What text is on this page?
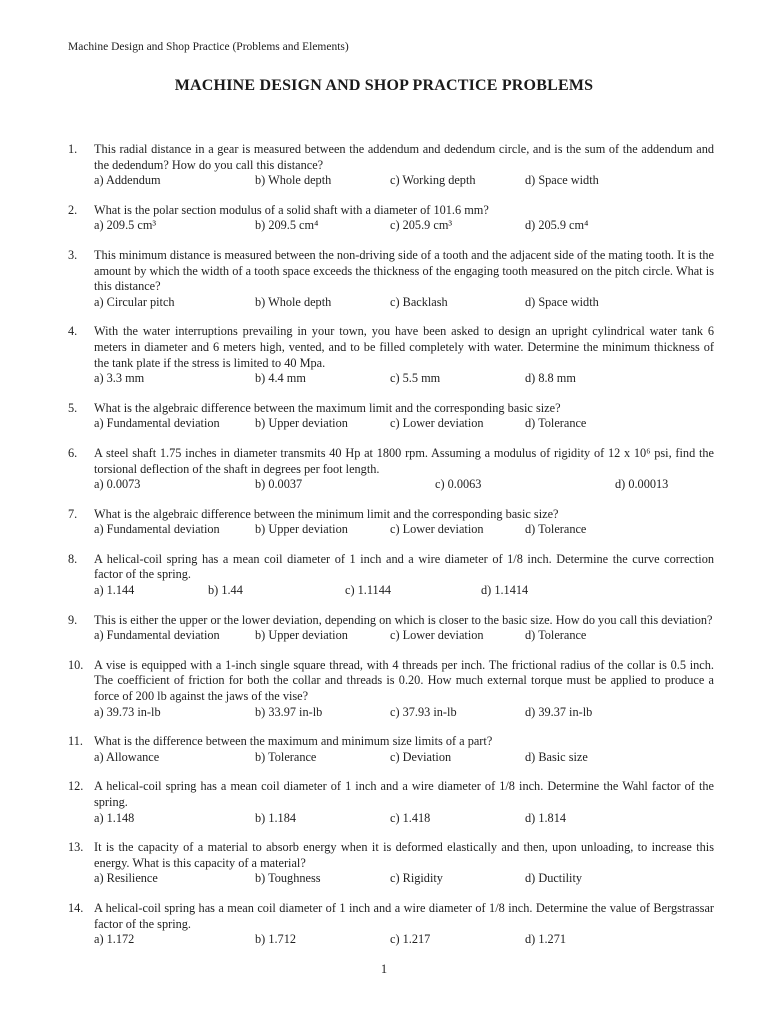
Machine Design and Shop Practice (Problems and Elements)
MACHINE DESIGN AND SHOP PRACTICE PROBLEMS
1.	This radial distance in a gear is measured between the addendum and dedendum circle, and is the sum of the addendum and the dedendum? How do you call this distance?
a) Addendum	b) Whole depth	c) Working depth	d) Space width
2.	What is the polar section modulus of a solid shaft with a diameter of 101.6 mm?
a) 209.5 cm³	b) 209.5 cm⁴	c) 205.9 cm³	d) 205.9 cm⁴
3.	This minimum distance is measured between the non-driving side of a tooth and the adjacent side of the mating tooth. It is the amount by which the width of a tooth space exceeds the thickness of the engaging tooth measured on the pitch circle. What is this distance?
a) Circular pitch	b) Whole depth	c) Backlash	d) Space width
4.	With the water interruptions prevailing in your town, you have been asked to design an upright cylindrical water tank 6 meters in diameter and 6 meters high, vented, and to be filled completely with water. Determine the minimum thickness of the tank plate if the stress is limited to 40 Mpa.
a) 3.3 mm	b) 4.4 mm	c) 5.5 mm	d) 8.8 mm
5.	What is the algebraic difference between the maximum limit and the corresponding basic size?
a) Fundamental deviation	b) Upper deviation	c) Lower deviation	d) Tolerance
6.	A steel shaft 1.75 inches in diameter transmits 40 Hp at 1800 rpm. Assuming a modulus of rigidity of 12 x 10⁶ psi, find the torsional deflection of the shaft in degrees per foot length.
a) 0.0073	b) 0.0037	c) 0.0063	d) 0.00013
7.	What is the algebraic difference between the minimum limit and the corresponding basic size?
a) Fundamental deviation	b) Upper deviation	c) Lower deviation	d) Tolerance
8.	A helical-coil spring has a mean coil diameter of 1 inch and a wire diameter of 1/8 inch. Determine the curve correction factor of the spring.
a) 1.144	b) 1.44	c) 1.1144	d) 1.1414
9.	This is either the upper or the lower deviation, depending on which is closer to the basic size. How do you call this deviation?
a) Fundamental deviation	b) Upper deviation	c) Lower deviation	d) Tolerance
10. A vise is equipped with a 1-inch single square thread, with 4 threads per inch. The frictional radius of the collar is 0.5 inch. The coefficient of friction for both the collar and threads is 0.20. How much external torque must be applied to produce a force of 200 lb against the jaws of the vise?
a) 39.73 in-lb	b) 33.97 in-lb	c) 37.93 in-lb	d) 39.37 in-lb
11. What is the difference between the maximum and minimum size limits of a part?
a) Allowance	b) Tolerance	c) Deviation	d) Basic size
12. A helical-coil spring has a mean coil diameter of 1 inch and a wire diameter of 1/8 inch. Determine the Wahl factor of the spring.
a) 1.148	b) 1.184	c) 1.418	d) 1.814
13. It is the capacity of a material to absorb energy when it is deformed elastically and then, upon unloading, to increase this energy. What is this capacity of a material?
a) Resilience	b) Toughness	c) Rigidity	d) Ductility
14. A helical-coil spring has a mean coil diameter of 1 inch and a wire diameter of 1/8 inch. Determine the value of Bergstrassar factor of the spring.
a) 1.172	b) 1.712	c) 1.217	d) 1.271
1
